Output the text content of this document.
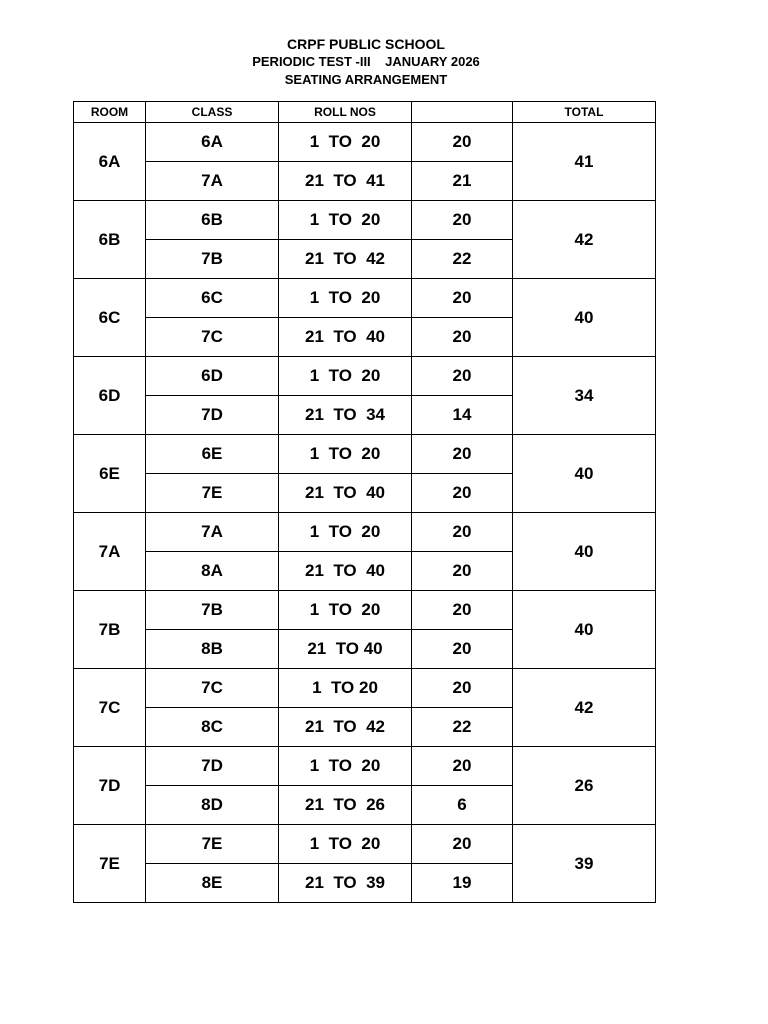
CRPF PUBLIC SCHOOL
PERIODIC TEST -III    JANUARY 2026
SEATING ARRANGEMENT
ROOM	CLASS	ROLL NOS		TOTAL
6A	6A	1  TO  20	20	41
	7A	21  TO  41	21	
6B	6B	1  TO  20	20	42
	7B	21  TO  42	22	
6C	6C	1  TO  20	20	40
	7C	21  TO  40	20	
6D	6D	1  TO  20	20	34
	7D	21  TO  34	14	
6E	6E	1  TO  20	20	40
	7E	21  TO  40	20	
7A	7A	1  TO  20	20	40
	8A	21  TO  40	20	
7B	7B	1  TO  20	20	40
	8B	21  TO 40	20	
7C	7C	1  TO 20	20	42
	8C	21  TO  42	22	
7D	7D	1  TO  20	20	26
	8D	21  TO  26	6	
7E	7E	1  TO  20	20	39
	8E	21  TO  39	19	
